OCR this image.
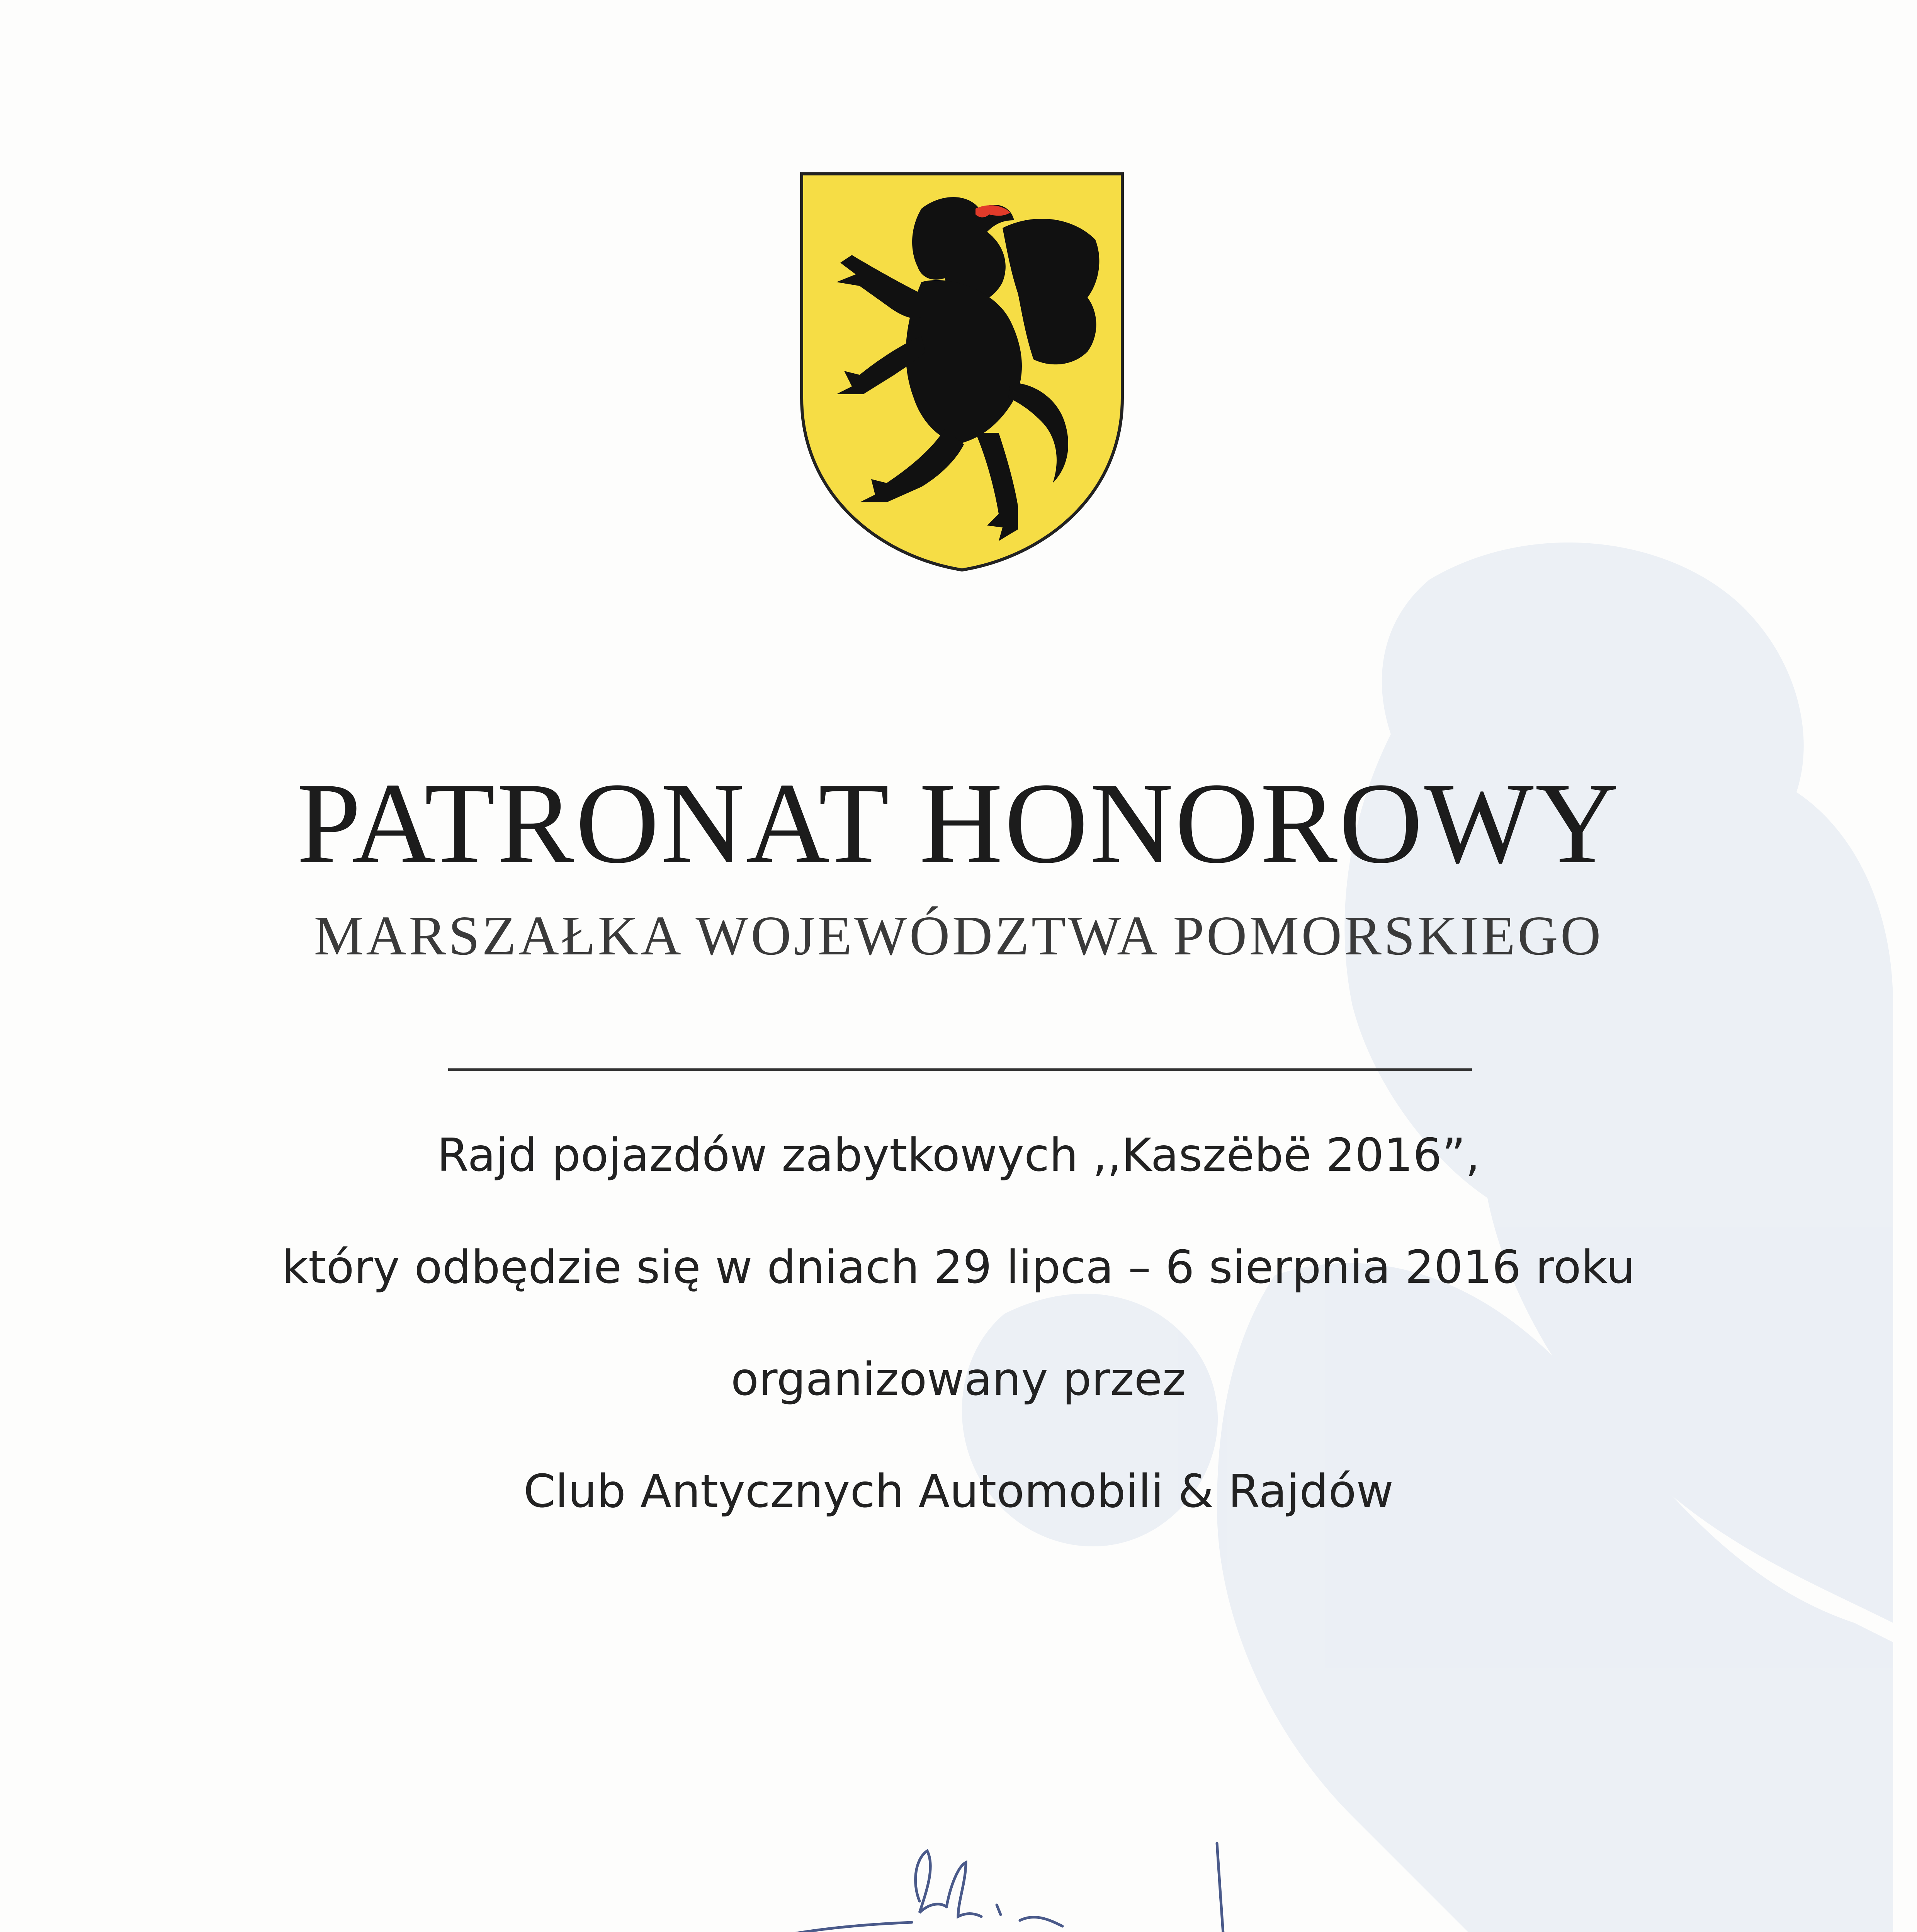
PATRONAT HONOROWY
MARSZAŁKA WOJEWÓDZTWA POMORSKIEGO
Rajd pojazdów zabytkowych ,,Kaszëbë 2016”,
który odbędzie się w dniach 29 lipca – 6 sierpnia 2016 roku
organizowany przez
Club Antycznych Automobili & Rajdów
